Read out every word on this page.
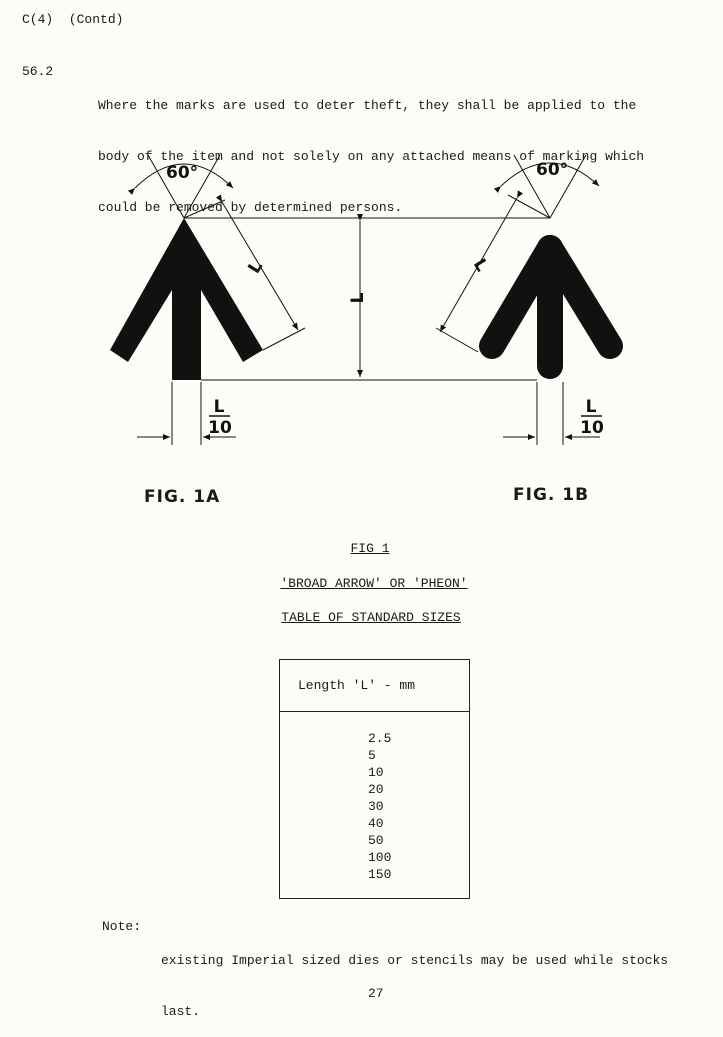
C(4)  (Contd)
56.2

Where the marks are used to deter theft, they shall be applied to the

body of the item and not solely on any attached means of marking which

could be removed by determined persons.

60°	60°
L	L
L
L
10
L
10
FIG. 1A	FIG. 1B
FIG 1
'BROAD ARROW' OR 'PHEON'
TABLE OF STANDARD SIZES
Length 'L' - mm
2.5
5
10
20
30
40
50
100
150
Note:

existing Imperial sized dies or stencils may be used while stocks

last.

27
